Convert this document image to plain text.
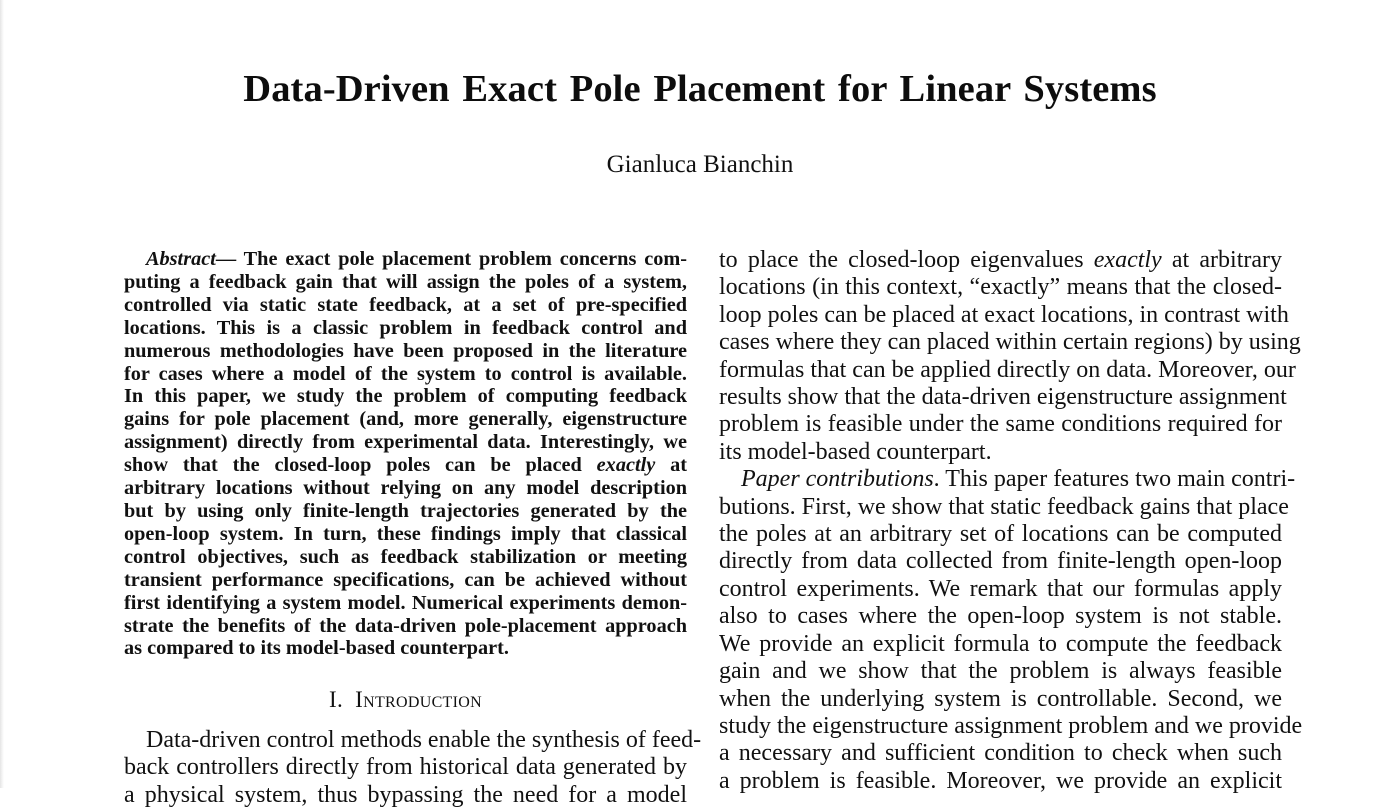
Data-Driven Exact Pole Placement for Linear Systems
Gianluca Bianchin
Abstract— The exact pole placement problem concerns com-
puting a feedback gain that will assign the poles of a system,
controlled via static state feedback, at a set of pre-specified
locations. This is a classic problem in feedback control and
numerous methodologies have been proposed in the literature
for cases where a model of the system to control is available.
In this paper, we study the problem of computing feedback
gains for pole placement (and, more generally, eigenstructure
assignment) directly from experimental data. Interestingly, we
show that the closed-loop poles can be placed exactly at
arbitrary locations without relying on any model description
but by using only finite-length trajectories generated by the
open-loop system. In turn, these findings imply that classical
control objectives, such as feedback stabilization or meeting
transient performance specifications, can be achieved without
first identifying a system model. Numerical experiments demon-
strate the benefits of the data-driven pole-placement approach
as compared to its model-based counterpart.
I. Introduction
Data-driven control methods enable the synthesis of feed-
back controllers directly from historical data generated by
a physical system, thus bypassing the need for a model
to place the closed-loop eigenvalues exactly at arbitrary
locations (in this context, “exactly” means that the closed-
loop poles can be placed at exact locations, in contrast with
cases where they can placed within certain regions) by using
formulas that can be applied directly on data. Moreover, our
results show that the data-driven eigenstructure assignment
problem is feasible under the same conditions required for
its model-based counterpart.
Paper contributions. This paper features two main contri-
butions. First, we show that static feedback gains that place
the poles at an arbitrary set of locations can be computed
directly from data collected from finite-length open-loop
control experiments. We remark that our formulas apply
also to cases where the open-loop system is not stable.
We provide an explicit formula to compute the feedback
gain and we show that the problem is always feasible
when the underlying system is controllable. Second, we
study the eigenstructure assignment problem and we provide
a necessary and sufficient condition to check when such
a problem is feasible. Moreover, we provide an explicit
